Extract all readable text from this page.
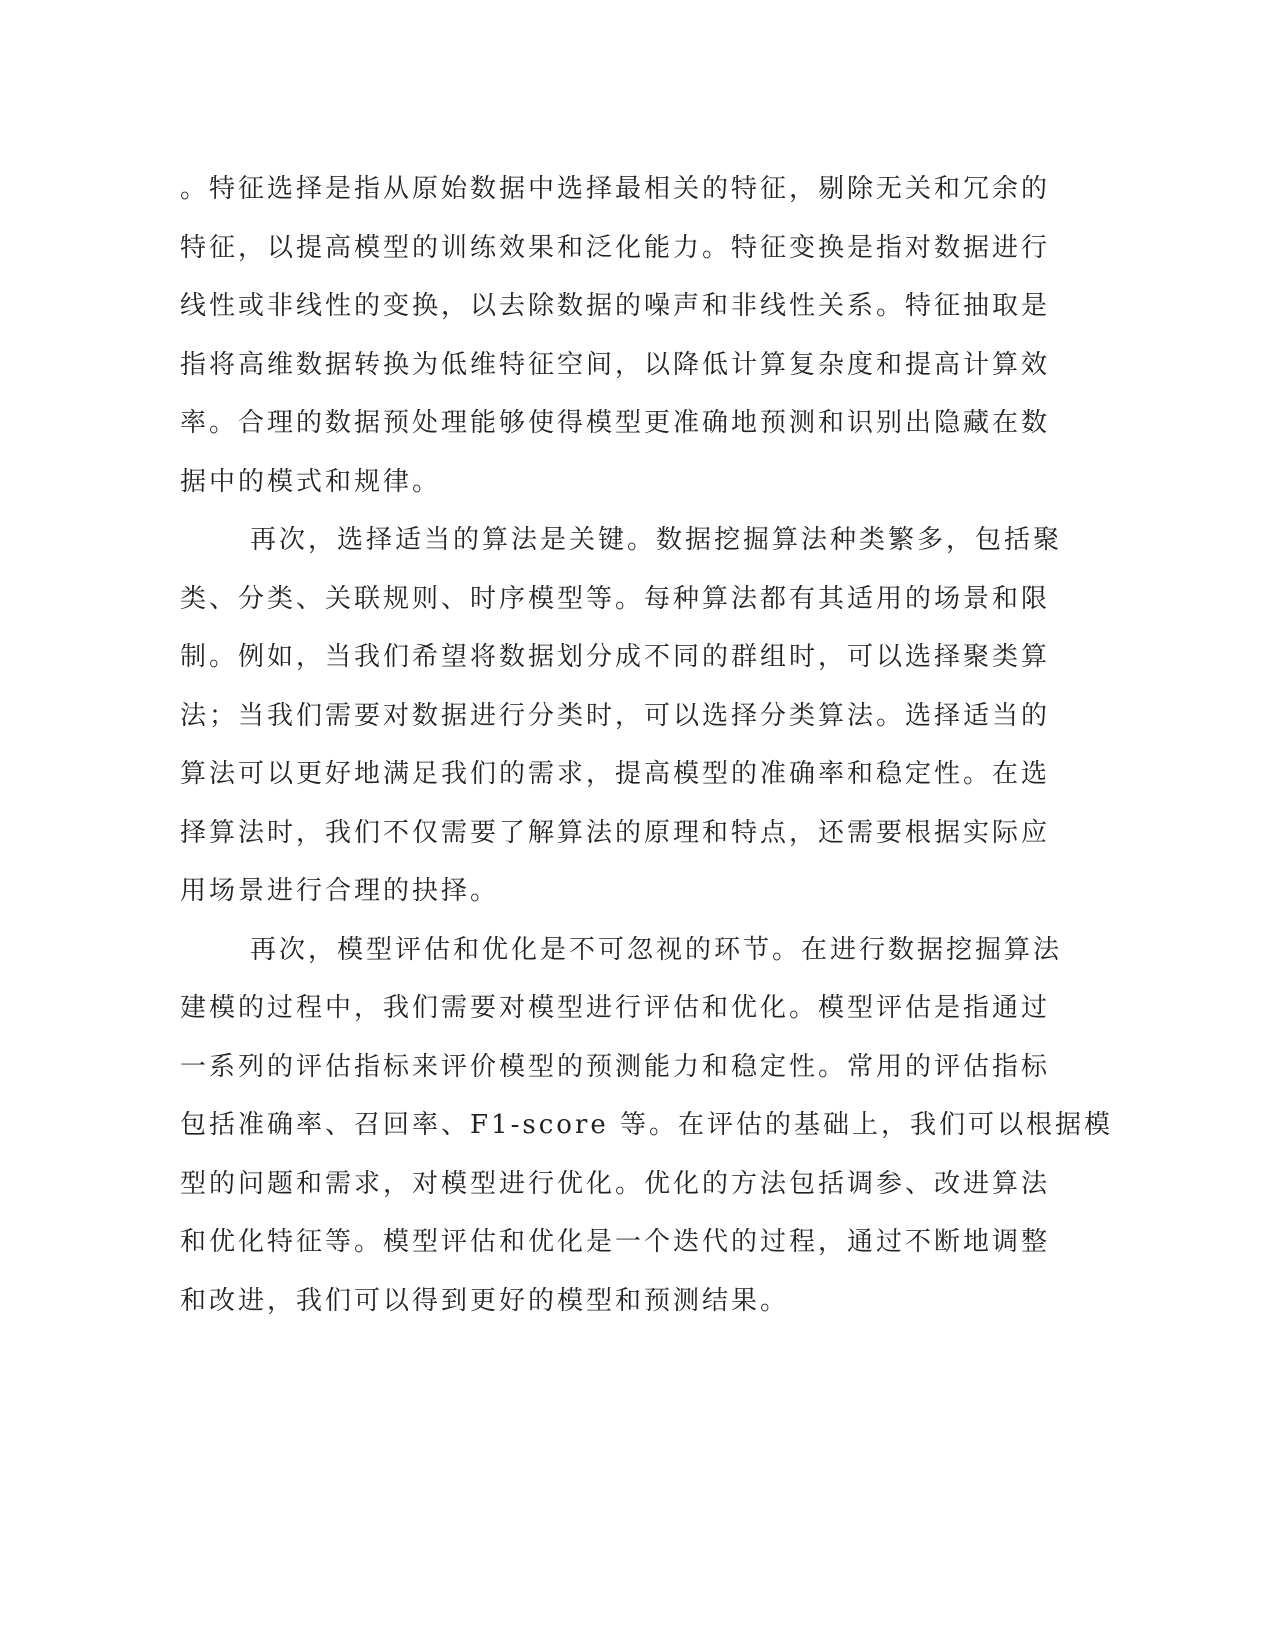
。特征选择是指从原始数据中选择最相关的特征，剔除无关和冗余的
特征，以提高模型的训练效果和泛化能力。特征变换是指对数据进行
线性或非线性的变换，以去除数据的噪声和非线性关系。特征抽取是
指将高维数据转换为低维特征空间，以降低计算复杂度和提高计算效
率。合理的数据预处理能够使得模型更准确地预测和识别出隐藏在数
据中的模式和规律。
再次，选择适当的算法是关键。数据挖掘算法种类繁多，包括聚
类、分类、关联规则、时序模型等。每种算法都有其适用的场景和限
制。例如，当我们希望将数据划分成不同的群组时，可以选择聚类算
法；当我们需要对数据进行分类时，可以选择分类算法。选择适当的
算法可以更好地满足我们的需求，提高模型的准确率和稳定性。在选
择算法时，我们不仅需要了解算法的原理和特点，还需要根据实际应
用场景进行合理的抉择。
再次，模型评估和优化是不可忽视的环节。在进行数据挖掘算法
建模的过程中，我们需要对模型进行评估和优化。模型评估是指通过
一系列的评估指标来评价模型的预测能力和稳定性。常用的评估指标
包括准确率、召回率、F1-score 等。在评估的基础上，我们可以根据模
型的问题和需求，对模型进行优化。优化的方法包括调参、改进算法
和优化特征等。模型评估和优化是一个迭代的过程，通过不断地调整
和改进，我们可以得到更好的模型和预测结果。
